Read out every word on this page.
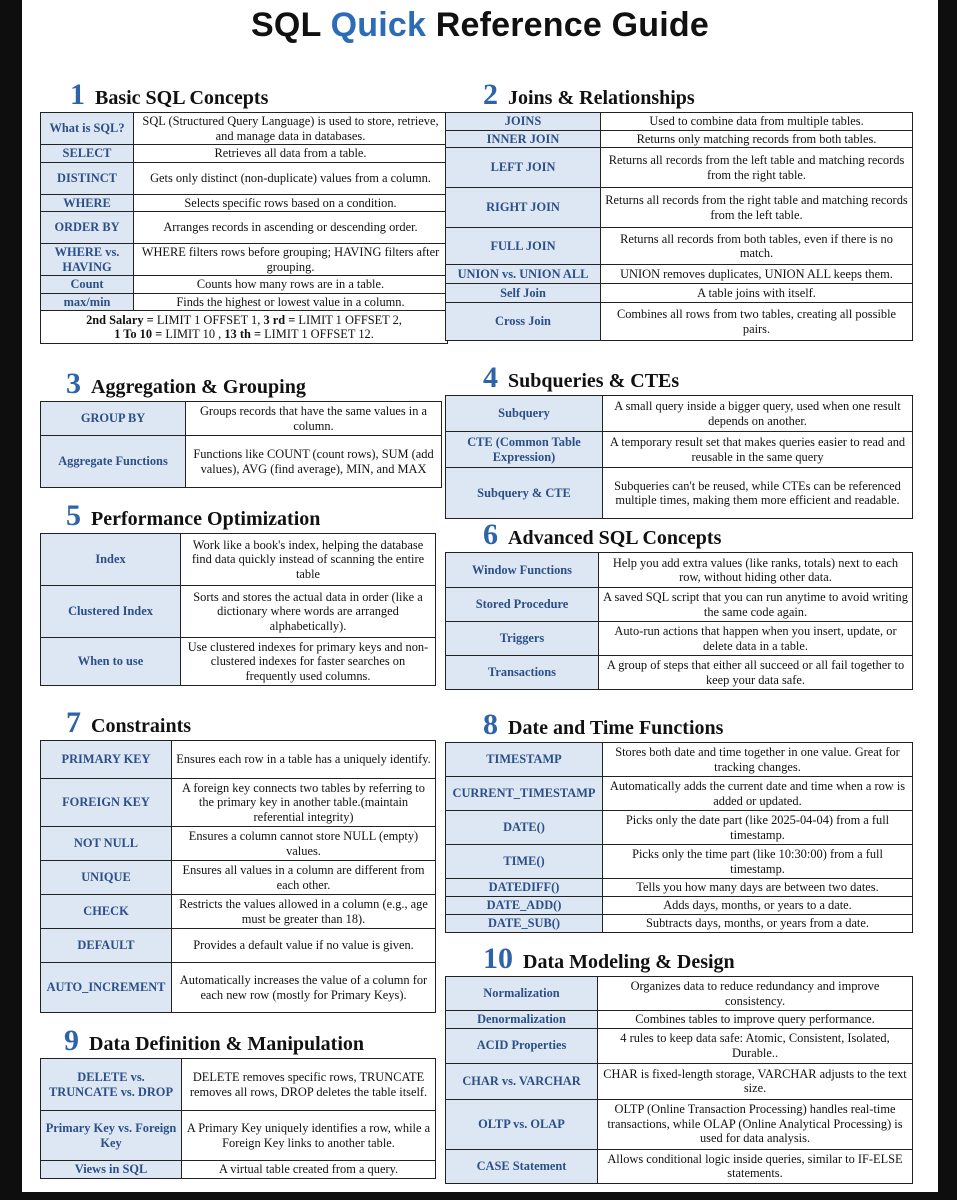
SQL Quick Reference Guide
1 Basic SQL Concepts
What is SQL?	SQL (Structured Query Language) is used to store, retrieve, and manage data in databases.
SELECT	Retrieves all data from a table.
DISTINCT	Gets only distinct (non-duplicate) values from a column.
WHERE	Selects specific rows based on a condition.
ORDER BY	Arranges records in ascending or descending order.
WHERE vs. HAVING	WHERE filters rows before grouping; HAVING filters after grouping.
Count	Counts how many rows are in a table.
max/min	Finds the highest or lowest value in a column.
2nd Salary = LIMIT 1 OFFSET 1, 3 rd = LIMIT 1 OFFSET 2,
1 To 10 = LIMIT 10 , 13 th = LIMIT 1 OFFSET 12.	
2 Joins & Relationships
JOINS	Used to combine data from multiple tables.
INNER JOIN	Returns only matching records from both tables.
LEFT JOIN	Returns all records from the left table and matching records from the right table.
RIGHT JOIN	Returns all records from the right table and matching records from the left table.
FULL JOIN	Returns all records from both tables, even if there is no match.
UNION vs. UNION ALL	UNION removes duplicates, UNION ALL keeps them.
Self Join	A table joins with itself.
Cross Join	Combines all rows from two tables, creating all possible pairs.
3 Aggregation & Grouping
GROUP BY	Groups records that have the same values in a column.
Aggregate Functions	Functions like COUNT (count rows), SUM (add values), AVG (find average), MIN, and MAX
4 Subqueries & CTEs
Subquery	A small query inside a bigger query, used when one result depends on another.
CTE (Common Table Expression)	A temporary result set that makes queries easier to read and reusable in the same query
Subquery & CTE	Subqueries can't be reused, while CTEs can be referenced multiple times, making them more efficient and readable.
5 Performance Optimization
Index	Work like a book's index, helping the database find data quickly instead of scanning the entire table
Clustered Index	Sorts and stores the actual data in order (like a dictionary where words are arranged alphabetically).
When to use	Use clustered indexes for primary keys and non-clustered indexes for faster searches on frequently used columns.
6 Advanced SQL Concepts
Window Functions	Help you add extra values (like ranks, totals) next to each row, without hiding other data.
Stored Procedure	A saved SQL script that you can run anytime to avoid writing the same code again.
Triggers	Auto-run actions that happen when you insert, update, or delete data in a table.
Transactions	A group of steps that either all succeed or all fail together to keep your data safe.
7 Constraints
PRIMARY KEY	Ensures each row in a table has a uniquely identify.
FOREIGN KEY	A foreign key connects two tables by referring to the primary key in another table.(maintain referential integrity)
NOT NULL	Ensures a column cannot store NULL (empty) values.
UNIQUE	Ensures all values in a column are different from each other.
CHECK	Restricts the values allowed in a column (e.g., age must be greater than 18).
DEFAULT	Provides a default value if no value is given.
AUTO_INCREMENT	Automatically increases the value of a column for each new row (mostly for Primary Keys).
8 Date and Time Functions
TIMESTAMP	Stores both date and time together in one value. Great for tracking changes.
CURRENT_TIMESTAMP	Automatically adds the current date and time when a row is added or updated.
DATE()	Picks only the date part (like 2025-04-04) from a full timestamp.
TIME()	Picks only the time part (like 10:30:00) from a full timestamp.
DATEDIFF()	Tells you how many days are between two dates.
DATE_ADD()	Adds days, months, or years to a date.
DATE_SUB()	Subtracts days, months, or years from a date.
9 Data Definition & Manipulation
DELETE vs. TRUNCATE vs. DROP	DELETE removes specific rows, TRUNCATE removes all rows, DROP deletes the table itself.
Primary Key vs. Foreign Key	A Primary Key uniquely identifies a row, while a Foreign Key links to another table.
Views in SQL	A virtual table created from a query.
10 Data Modeling & Design
Normalization	Organizes data to reduce redundancy and improve consistency.
Denormalization	Combines tables to improve query performance.
ACID Properties	4 rules to keep data safe: Atomic, Consistent, Isolated, Durable..
CHAR vs. VARCHAR	CHAR is fixed-length storage, VARCHAR adjusts to the text size.
OLTP vs. OLAP	OLTP (Online Transaction Processing) handles real-time transactions, while OLAP (Online Analytical Processing) is used for data analysis.
CASE Statement	Allows conditional logic inside queries, similar to IF-ELSE statements.
